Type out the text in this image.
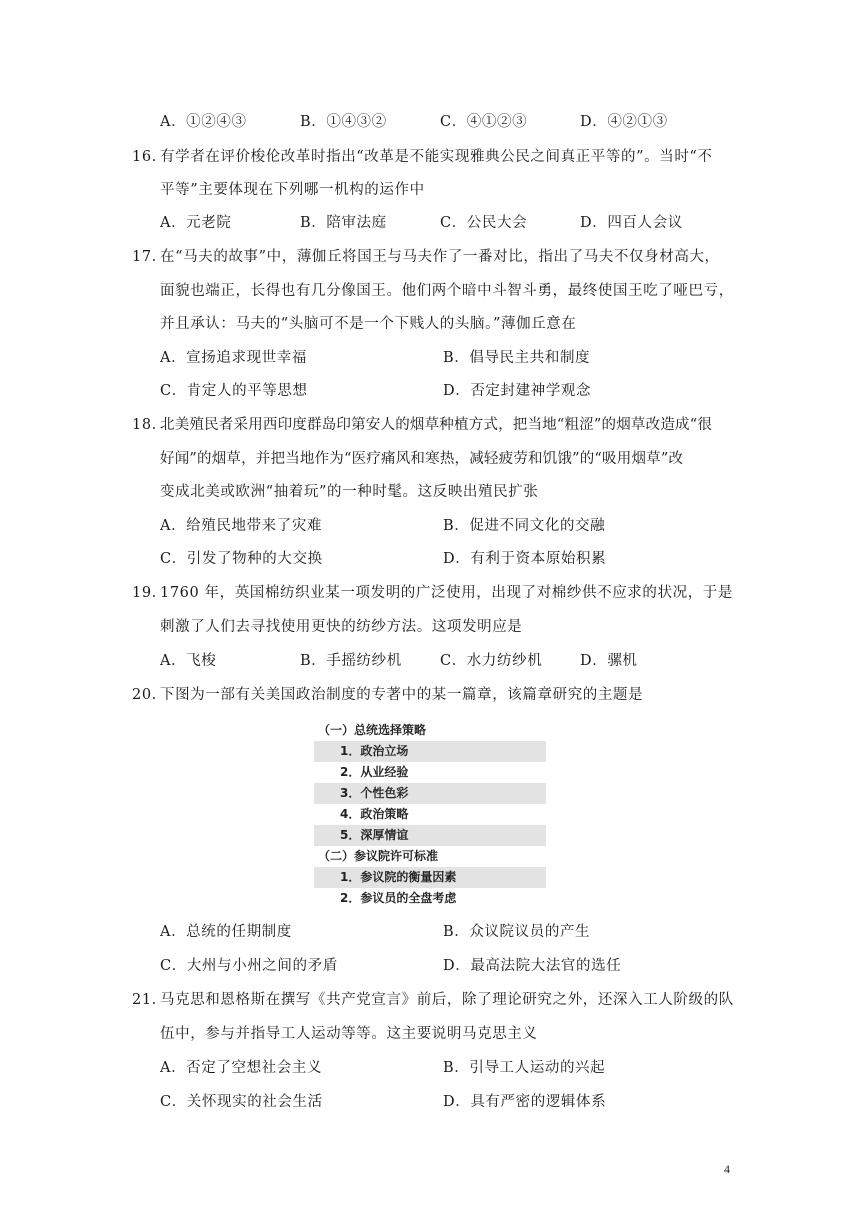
A．①②④③	B．①④③②	C．④①②③	D．④②①③
16. 有学者在评价梭伦改革时指出“改革是不能实现雅典公民之间真正平等的”。当时“不
平等”主要体现在下列哪一机构的运作中
A．元老院	B．陪审法庭	C．公民大会	D．四百人会议
17. 在“马夫的故事”中，薄伽丘将国王与马夫作了一番对比，指出了马夫不仅身材高大，
面貌也端正，长得也有几分像国王。他们两个暗中斗智斗勇，最终使国王吃了哑巴亏，
并且承认：马夫的“头脑可不是一个下贱人的头脑。”薄伽丘意在
A．宣扬追求现世幸福	B．倡导民主共和制度
C．肯定人的平等思想	D．否定封建神学观念
18. 北美殖民者采用西印度群岛印第安人的烟草种植方式，把当地“粗涩”的烟草改造成“很
好闻”的烟草，并把当地作为“医疗痛风和寒热，减轻疲劳和饥饿”的“吸用烟草”改
变成北美或欧洲“抽着玩”的一种时髦。这反映出殖民扩张
A．给殖民地带来了灾难	B．促进不同文化的交融
C．引发了物种的大交换	D．有利于资本原始积累
19. 1760 年，英国棉纺织业某一项发明的广泛使用，出现了对棉纱供不应求的状况，于是
刺激了人们去寻找使用更快的纺纱方法。这项发明应是
A．飞梭	B．手摇纺纱机	C．水力纺纱机	D．骡机
20. 下图为一部有关美国政治制度的专著中的某一篇章，该篇章研究的主题是
（一）总统选择策略
1．政治立场
2．从业经验
3．个性色彩
4．政治策略
5．深厚情谊
（二）参议院许可标准
1．参议院的衡量因素
2．参议员的全盘考虑
A．总统的任期制度	B．众议院议员的产生
C．大州与小州之间的矛盾	D．最高法院大法官的选任
21. 马克思和恩格斯在撰写《共产党宣言》前后，除了理论研究之外，还深入工人阶级的队
伍中，参与并指导工人运动等等。这主要说明马克思主义
A．否定了空想社会主义	B．引导工人运动的兴起
C．关怀现实的社会生活	D．具有严密的逻辑体系
4
